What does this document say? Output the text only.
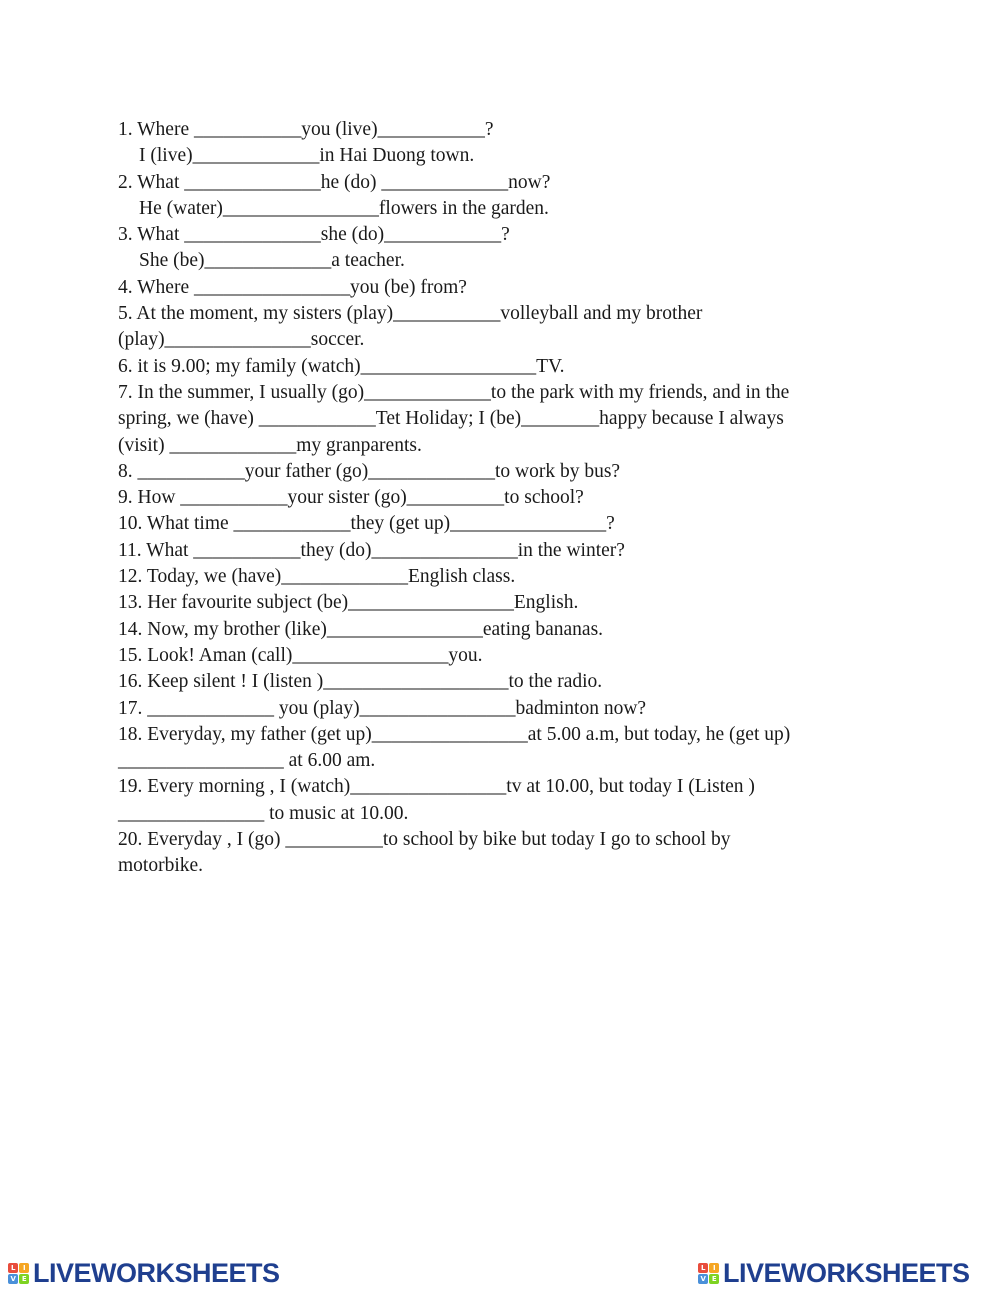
1. Where ___________you (live)___________?
I (live)_____________in Hai Duong town.
2. What ______________he (do) _____________now?
He (water)________________flowers in the garden.
3. What ______________she (do)____________?
She (be)_____________a teacher.
4. Where ________________you (be) from?
5. At the moment, my sisters (play)___________volleyball and my brother
(play)_______________soccer.
6. it is 9.00; my family (watch)__________________TV.
7. In the summer, I usually (go)_____________to the park with my friends, and in the
spring, we (have) ____________Tet Holiday; I (be)________happy because I always
(visit) _____________my granparents.
8. ___________your father (go)_____________to work by bus?
9. How ___________your sister (go)__________to school?
10. What time ____________they (get up)________________?
11. What ___________they (do)_______________in the winter?
12. Today, we (have)_____________English class.
13. Her favourite subject (be)_________________English.
14. Now, my brother (like)________________eating bananas.
15. Look! Aman (call)________________you.
16. Keep silent ! I (listen )___________________to the radio.
17. _____________ you (play)________________badminton now?
18. Everyday, my father (get up)________________at 5.00 a.m, but today, he (get up)
_________________ at 6.00 am.
19. Every morning , I (watch)________________tv at 10.00, but today I (Listen )
_______________ to music at 10.00.
20. Everyday , I (go) __________to school by bike but today I go to school by
motorbike.
L	I
V E LIVEWORKSHEETS	L	I
V E LIVEWORKSHEETS
